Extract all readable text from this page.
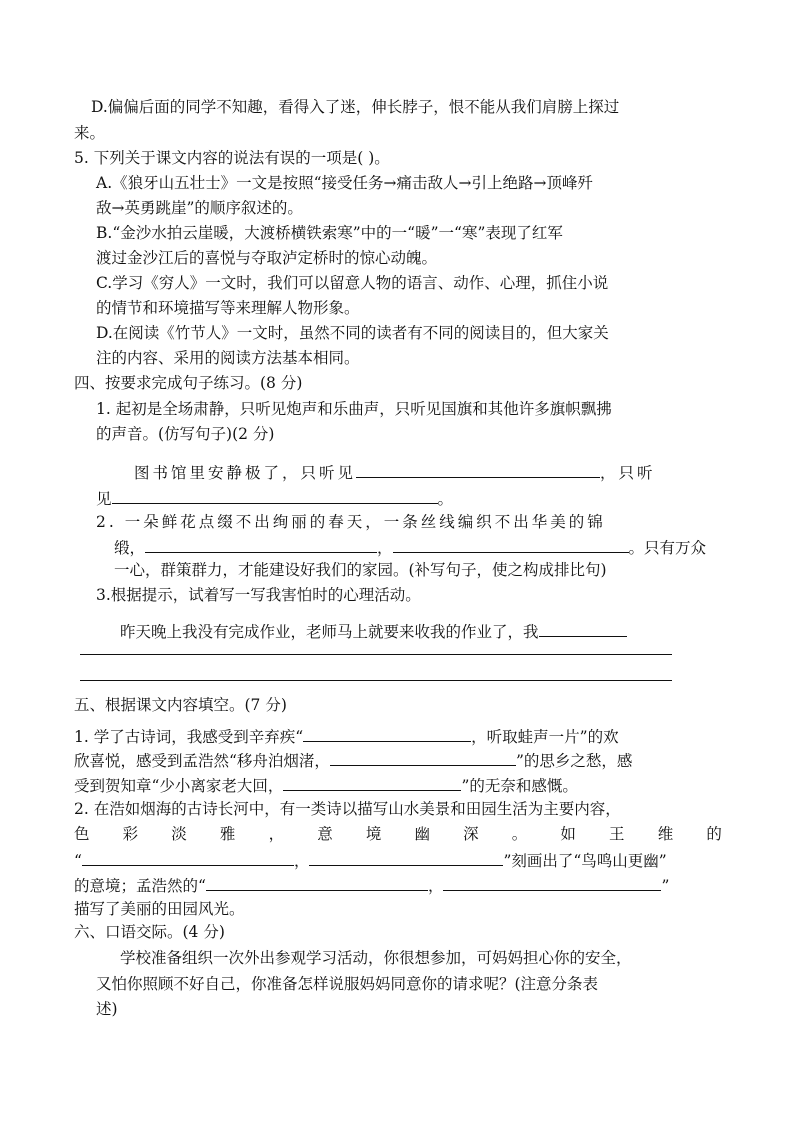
D.偏偏后面的同学不知趣，看得入了迷，伸长脖子，恨不能从我们肩膀上探过
来。
5. 下列关于课文内容的说法有误的一项是( )。
A.《狼牙山五壮士》一文是按照“接受任务→痛击敌人→引上绝路→顶峰歼
敌→英勇跳崖”的顺序叙述的。
B.“金沙水拍云崖暖，大渡桥横铁索寒”中的一“暖”一“寒”表现了红军
渡过金沙江后的喜悦与夺取泸定桥时的惊心动魄。
C.学习《穷人》一文时，我们可以留意人物的语言、动作、心理，抓住小说
的情节和环境描写等来理解人物形象。
D.在阅读《竹节人》一文时，虽然不同的读者有不同的阅读目的，但大家关
注的内容、采用的阅读方法基本相同。
四、按要求完成句子练习。(8 分)
1. 起初是全场肃静，只听见炮声和乐曲声，只听见国旗和其他许多旗帜飘拂
的声音。(仿写句子)(2 分)
图书馆里安静极了，只听见	，只听
见	。
2. 一朵鲜花点缀不出绚丽的春天，一条丝线编织不出华美的锦
缎，	，	。只有万众
一心，群策群力，才能建设好我们的家园。(补写句子，使之构成排比句)
3.根据提示，试着写一写我害怕时的心理活动。
昨天晚上我没有完成作业，老师马上就要来收我的作业了，我
五、根据课文内容填空。(7 分)
1. 学了古诗词，我感受到辛弃疾“	，听取蛙声一片”的欢
欣喜悦，感受到孟浩然“移舟泊烟渚，	”的思乡之愁，感
受到贺知章“少小离家老大回，	”的无奈和感慨。
2. 在浩如烟海的古诗长河中，有一类诗以描写山水美景和田园生活为主要内容，
色 彩 淡 雅 ， 意 境 幽 深 。 如 王 维 的
“	，	”刻画出了“鸟鸣山更幽”
的意境；孟浩然的“	，	”
描写了美丽的田园风光。
六、口语交际。(4 分)
学校准备组织一次外出参观学习活动，你很想参加，可妈妈担心你的安全，
又怕你照顾不好自己，你准备怎样说服妈妈同意你的请求呢？(注意分条表
述)
